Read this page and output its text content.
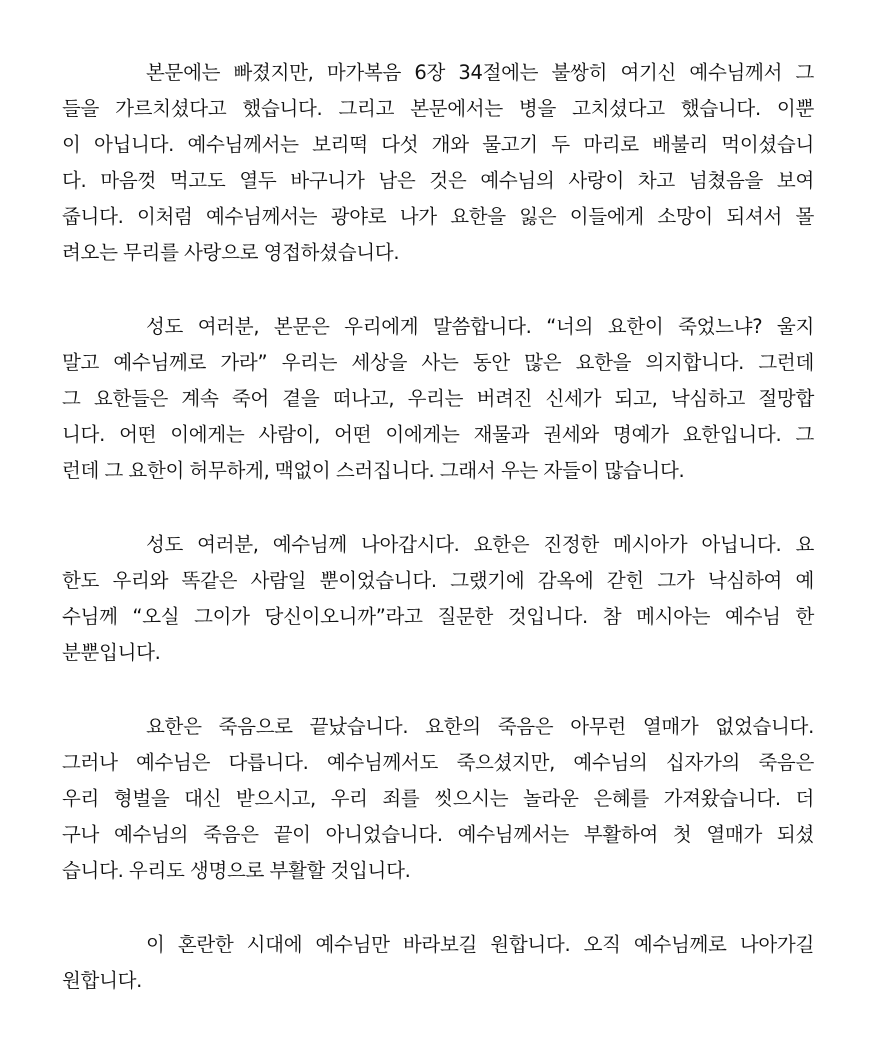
본문에는 빠졌지만, 마가복음 6장 34절에는 불쌍히 여기신 예수님께서 그
들을 가르치셨다고 했습니다. 그리고 본문에서는 병을 고치셨다고 했습니다. 이뿐
이 아닙니다. 예수님께서는 보리떡 다섯 개와 물고기 두 마리로 배불리 먹이셨습니
다. 마음껏 먹고도 열두 바구니가 남은 것은 예수님의 사랑이 차고 넘쳤음을 보여
줍니다. 이처럼 예수님께서는 광야로 나가 요한을 잃은 이들에게 소망이 되셔서 몰
려오는 무리를 사랑으로 영접하셨습니다.
성도 여러분, 본문은 우리에게 말씀합니다. “너의 요한이 죽었느냐? 울지
말고 예수님께로 가라” 우리는 세상을 사는 동안 많은 요한을 의지합니다. 그런데
그 요한들은 계속 죽어 곁을 떠나고, 우리는 버려진 신세가 되고, 낙심하고 절망합
니다. 어떤 이에게는 사람이, 어떤 이에게는 재물과 권세와 명예가 요한입니다. 그
런데 그 요한이 허무하게, 맥없이 스러집니다. 그래서 우는 자들이 많습니다.
성도 여러분, 예수님께 나아갑시다. 요한은 진정한 메시아가 아닙니다. 요
한도 우리와 똑같은 사람일 뿐이었습니다. 그랬기에 감옥에 갇힌 그가 낙심하여 예
수님께 “오실 그이가 당신이오니까”라고 질문한 것입니다. 참 메시아는 예수님 한
분뿐입니다.
요한은 죽음으로 끝났습니다. 요한의 죽음은 아무런 열매가 없었습니다.
그러나 예수님은 다릅니다. 예수님께서도 죽으셨지만, 예수님의 십자가의 죽음은
우리 형벌을 대신 받으시고, 우리 죄를 씻으시는 놀라운 은혜를 가져왔습니다. 더
구나 예수님의 죽음은 끝이 아니었습니다. 예수님께서는 부활하여 첫 열매가 되셨
습니다. 우리도 생명으로 부활할 것입니다.
이 혼란한 시대에 예수님만 바라보길 원합니다. 오직 예수님께로 나아가길
원합니다.
